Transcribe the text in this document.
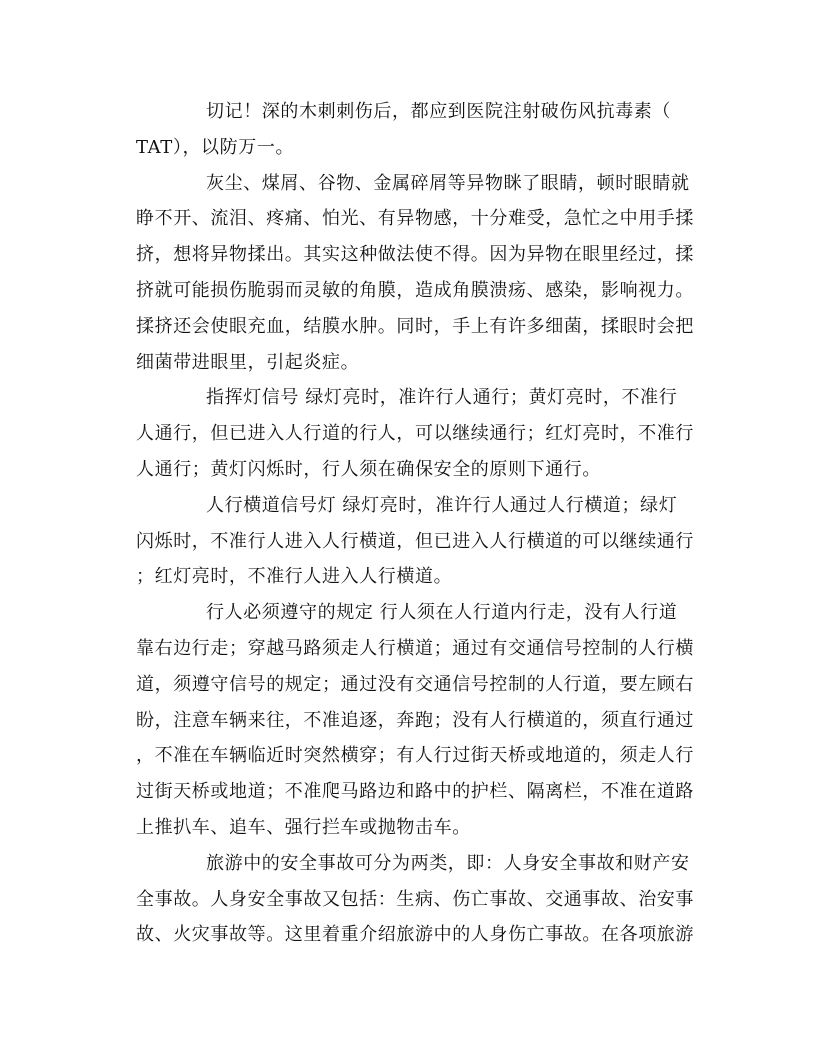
切记！深的木刺刺伤后，都应到医院注射破伤风抗毒素（
TAT），以防万一。
灰尘、煤屑、谷物、金属碎屑等异物眯了眼睛，顿时眼睛就
睁不开、流泪、疼痛、怕光、有异物感，十分难受，急忙之中用手揉
挤，想将异物揉出。其实这种做法使不得。因为异物在眼里经过，揉
挤就可能损伤脆弱而灵敏的角膜，造成角膜溃疡、感染，影响视力。
揉挤还会使眼充血，结膜水肿。同时，手上有许多细菌，揉眼时会把
细菌带进眼里，引起炎症。
指挥灯信号 绿灯亮时，准许行人通行；黄灯亮时，不准行
人通行，但已进入人行道的行人，可以继续通行；红灯亮时，不准行
人通行；黄灯闪烁时，行人须在确保安全的原则下通行。
人行横道信号灯 绿灯亮时，准许行人通过人行横道；绿灯
闪烁时，不准行人进入人行横道，但已进入人行横道的可以继续通行
；红灯亮时，不准行人进入人行横道。
行人必须遵守的规定 行人须在人行道内行走，没有人行道
靠右边行走；穿越马路须走人行横道；通过有交通信号控制的人行横
道，须遵守信号的规定；通过没有交通信号控制的人行道，要左顾右
盼，注意车辆来往，不准追逐，奔跑；没有人行横道的，须直行通过
，不准在车辆临近时突然横穿；有人行过街天桥或地道的，须走人行
过街天桥或地道；不准爬马路边和路中的护栏、隔离栏，不准在道路
上推扒车、追车、强行拦车或抛物击车。
旅游中的安全事故可分为两类，即：人身安全事故和财产安
全事故。人身安全事故又包括：生病、伤亡事故、交通事故、治安事
故、火灾事故等。这里着重介绍旅游中的人身伤亡事故。在各项旅游
